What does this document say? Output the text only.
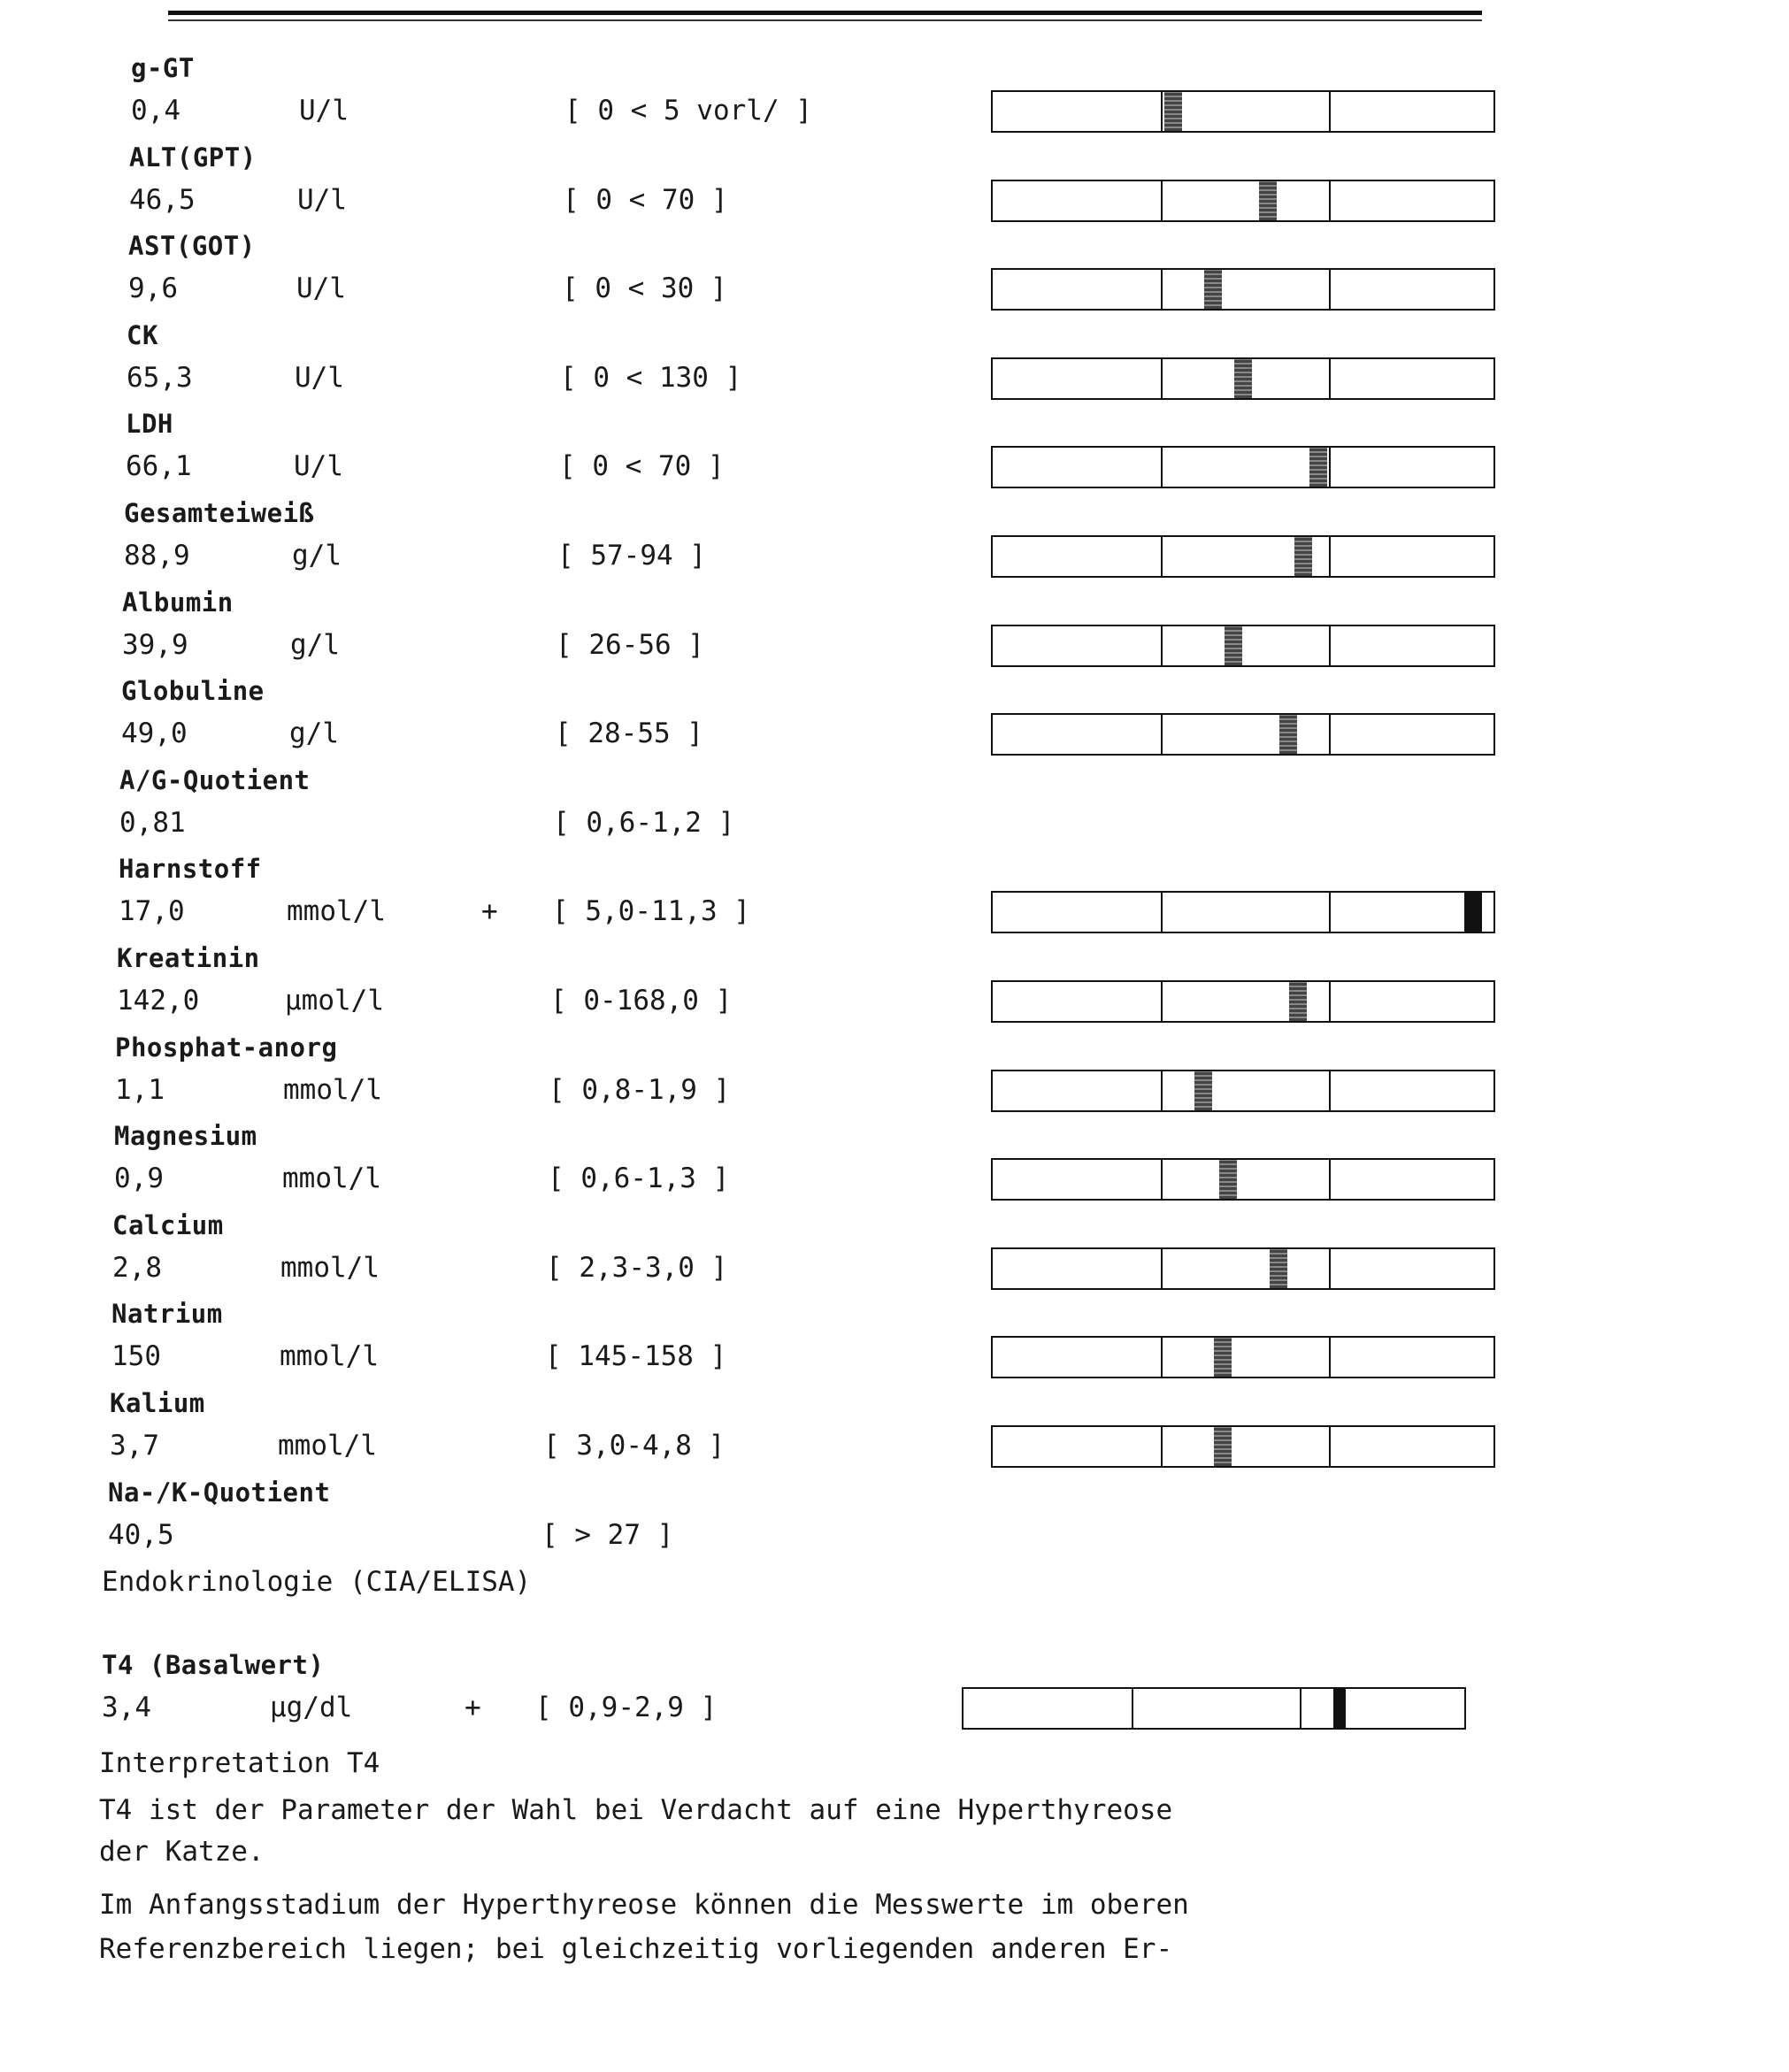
g-GT
0,4	U/l	[ 0 < 5 vorl/ ]
ALT(GPT)
46,5	U/l	[ 0 < 70 ]
AST(GOT)
9,6	U/l	[ 0 < 30 ]
CK
65,3	U/l	[ 0 < 130 ]
LDH
66,1	U/l	[ 0 < 70 ]
Gesamteiweiß
88,9	g/l	[ 57-94 ]
Albumin
39,9	g/l	[ 26-56 ]
Globuline
49,0	g/l	[ 28-55 ]
A/G-Quotient
0,81	[ 0,6-1,2 ]
Harnstoff
17,0	mmol/l	+ [ 5,0-11,3 ]
Kreatinin
142,0	µmol/l	[ 0-168,0 ]
Phosphat-anorg
1,1	mmol/l	[ 0,8-1,9 ]
Magnesium
0,9	mmol/l	[ 0,6-1,3 ]
Calcium
2,8	mmol/l	[ 2,3-3,0 ]
Natrium
150	mmol/l	[ 145-158 ]
Kalium
3,7	mmol/l	[ 3,0-4,8 ]
Na-/K-Quotient
40,5	[ > 27 ]
Endokrinologie (CIA/ELISA)
T4 (Basalwert)
3,4	µg/dl	+ [ 0,9-2,9 ]
Interpretation T4
T4 ist der Parameter der Wahl bei Verdacht auf eine Hyperthyreose
der Katze.
Im Anfangsstadium der Hyperthyreose können die Messwerte im oberen
Referenzbereich liegen; bei gleichzeitig vorliegenden anderen Er-
